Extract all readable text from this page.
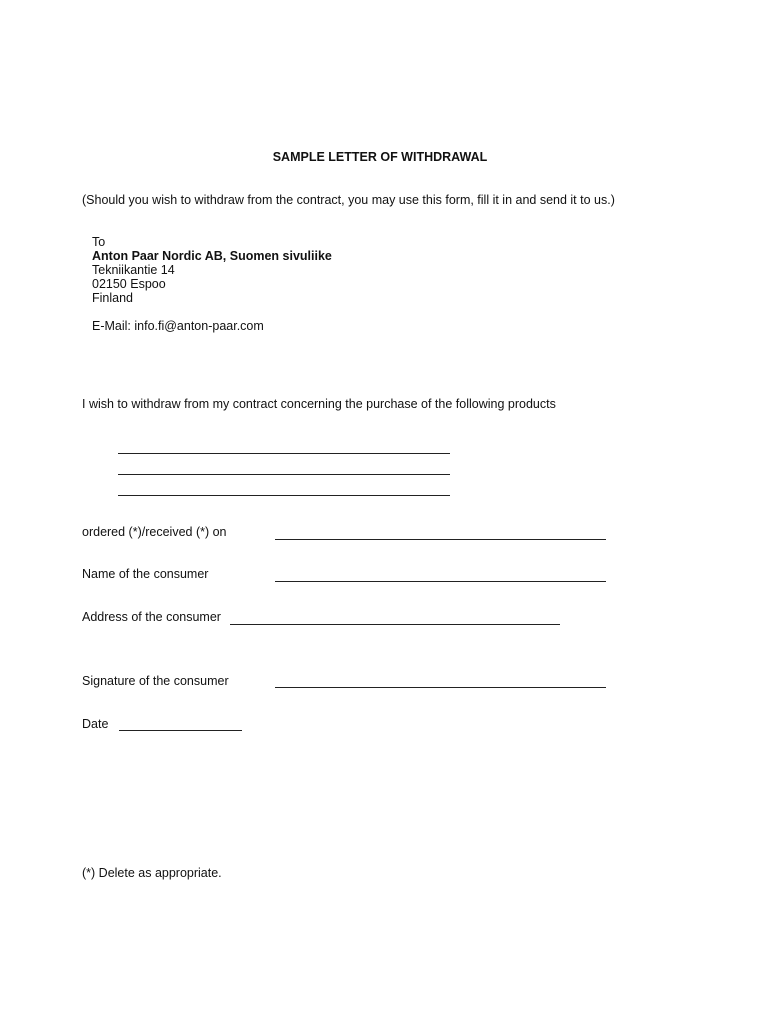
SAMPLE LETTER OF WITHDRAWAL
(Should you wish to withdraw from the contract, you may use this form, fill it in and send it to us.)
To
Anton Paar Nordic AB, Suomen sivuliike
Tekniikantie 14
02150 Espoo
Finland
E-Mail: info.fi@anton-paar.com
I wish to withdraw from my contract concerning the purchase of the following products
ordered (*)/received (*) on
Name of the consumer
Address of the consumer
Signature of the consumer
Date
(*) Delete as appropriate.
